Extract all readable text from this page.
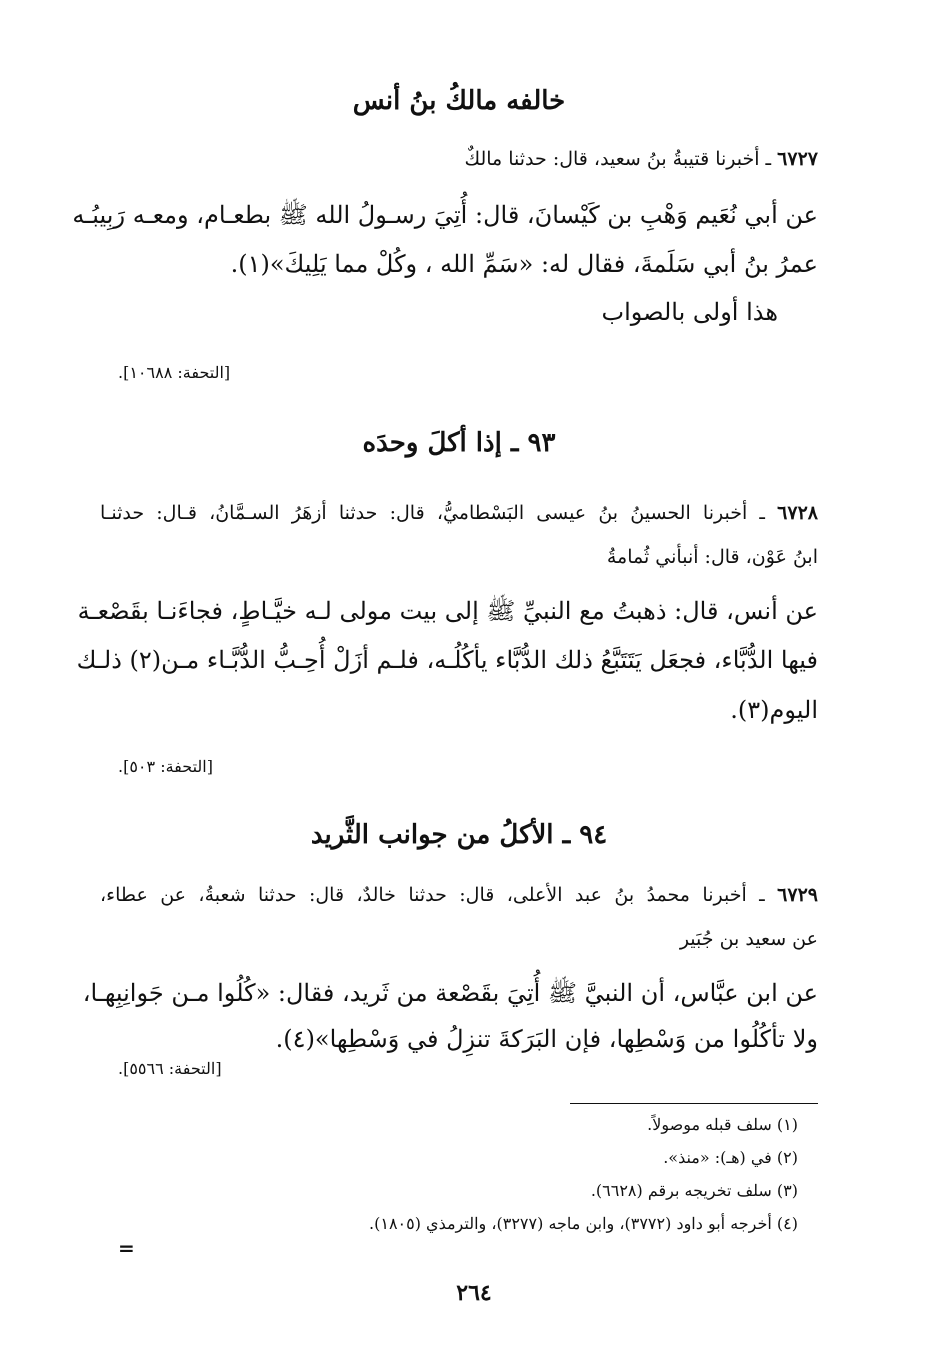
خالفه مالكُ بنُ أنس
٦٧٢٧ ـ أخبرنا قتيبةُ بنُ سعيد، قال: حدثنا مالكٌ
عن أبي نُعَيم وَهْبِ بن كَيْسانَ، قال: أُتِيَ رسـولُ الله ﷺ بطعـام، ومعـه رَبِيبُـه
عمرُ بنُ أبي سَلَمةَ، فقال له: «سَمِّ الله ، وكُلْ مما يَلِيكَ»(١).
هذا أولى بالصواب
[التحفة: ١٠٦٨٨].
٩٣ ـ إذا أكلَ وحدَه
٦٧٢٨ ـ أخبرنا الحسينُ بنُ عيسى البَسْطاميُّ، قال: حدثنا أزهَرُ السـمَّانُ، قـال: حدثنـا
ابنُ عَوْن، قال: أنبأني ثُمامةُ
عن أنس، قال: ذهبتُ مع النبيِّ ﷺ إلى بيت مولى لـه خيَّـاطٍ، فجاءَنـا بقَصْعـة
فيها الدُّبَّاء، فجعَل يَتَتَبَّعُ ذلك الدُّبَّاء يأكُلُـه، فلـم أزَلْ أُحِـبُّ الدُّبَّـاء مـن(٢) ذلـك
اليوم(٣).
[التحفة: ٥٠٣].
٩٤ ـ الأكلُ من جوانب الثَّريد
٦٧٢٩ ـ أخبرنا محمدُ بنُ عبد الأعلى، قال: حدثنا خالدٌ، قال: حدثنا شعبةُ، عن عطاء،
عن سعيد بن جُبَير
عن ابن عبَّاس، أن النبيَّ ﷺ أُتِيَ بقَصْعة من ثَريد، فقال: «كُلُوا مـن جَوانِبِهـا،
ولا تأكُلُوا من وَسْطِها، فإن البَرَكةَ تنزِلُ في وَسْطِها»(٤).
[التحفة: ٥٥٦٦].
(١) سلف قبله موصولاً.
(٢) في (هـ): «منذ».
(٣) سلف تخريجه برقم (٦٦٢٨).
(٤) أخرجه أبو داود (٣٧٧٢)، وابن ماجه (٣٢٧٧)، والترمذي (١٨٠٥).
=
٢٦٤
